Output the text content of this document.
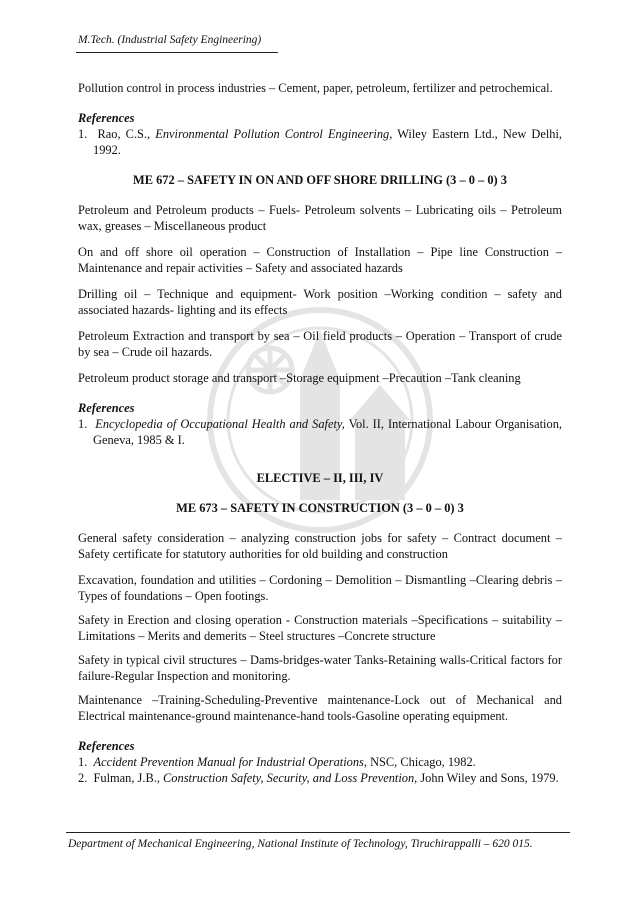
M.Tech. (Industrial Safety Engineering)

Pollution control in process industries – Cement, paper, petroleum, fertilizer and petrochemical.

References

1. Rao, C.S., Environmental Pollution Control Engineering, Wiley Eastern Ltd., New Delhi, 1992.

ME 672 – SAFETY IN ON AND OFF SHORE DRILLING (3 – 0 – 0) 3

Petroleum and Petroleum products – Fuels- Petroleum solvents – Lubricating oils – Petroleum wax, greases – Miscellaneous product

On and off shore oil operation – Construction of Installation – Pipe line Construction – Maintenance and repair activities – Safety and associated hazards

Drilling oil – Technique and equipment- Work position –Working condition – safety and associated hazards- lighting and its effects

Petroleum Extraction and transport by sea – Oil field products – Operation – Transport of crude by sea – Crude oil hazards.

Petroleum product storage and transport –Storage equipment –Precaution –Tank cleaning

References

1. Encyclopedia of Occupational Health and Safety, Vol. II, International Labour Organisation, Geneva, 1985 & I.

ELECTIVE – II, III, IV

ME 673 – SAFETY IN CONSTRUCTION (3 – 0 – 0) 3

General safety consideration – analyzing construction jobs for safety – Contract document – Safety certificate for statutory authorities for old building and construction

Excavation, foundation and utilities – Cordoning – Demolition – Dismantling –Clearing debris – Types of foundations – Open footings.

Safety in Erection and closing operation - Construction materials –Specifications – suitability – Limitations – Merits and demerits – Steel structures –Concrete structure

Safety in typical civil structures – Dams-bridges-water Tanks-Retaining walls-Critical factors for failure-Regular Inspection and monitoring.

Maintenance –Training-Scheduling-Preventive maintenance-Lock out of Mechanical and Electrical maintenance-ground maintenance-hand tools-Gasoline operating equipment.

References

1. Accident Prevention Manual for Industrial Operations, NSC, Chicago, 1982.

2. Fulman, J.B., Construction Safety, Security, and Loss Prevention, John Wiley and Sons, 1979.

Department of Mechanical Engineering, National Institute of Technology, Tiruchirappalli – 620 015.
